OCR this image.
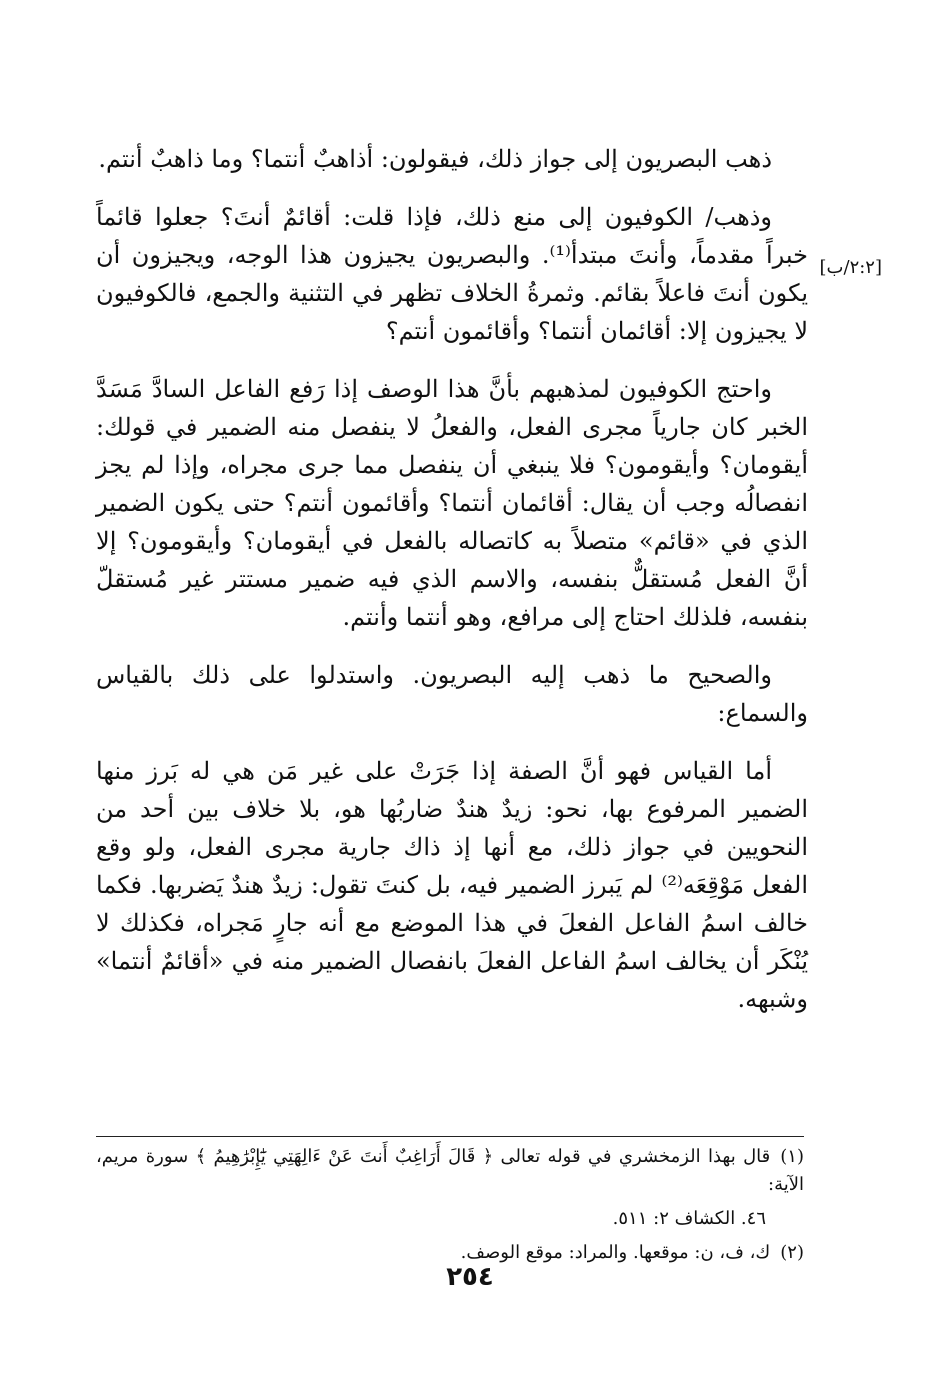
[٢:٢/ب]

ذهب البصريون إلى جواز ذلك، فيقولون: أذاهبٌ أنتما؟ وما ذاهبٌ أنتم.

وذهب/ الكوفيون إلى منع ذلك، فإذا قلت: أقائمٌ أنتَ؟ جعلوا قائماً خبراً مقدماً، وأنتَ مبتدأ⁽¹⁾. والبصريون يجيزون هذا الوجه، ويجيزون أن يكون أنتَ فاعلاً بقائم. وثمرةُ الخلاف تظهر في التثنية والجمع، فالكوفيون لا يجيزون إلا: أقائمان أنتما؟ وأقائمون أنتم؟

واحتج الكوفيون لمذهبهم بأنَّ هذا الوصف إذا رَفع الفاعل السادَّ مَسَدَّ الخبر كان جارياً مجرى الفعل، والفعلُ لا ينفصل منه الضمير في قولك: أيقومان؟ وأيقومون؟ فلا ينبغي أن ينفصل مما جرى مجراه، وإذا لم يجز انفصالُه وجب أن يقال: أقائمان أنتما؟ وأقائمون أنتم؟ حتى يكون الضمير الذي في «قائم» متصلاً به كاتصاله بالفعل في أيقومان؟ وأيقومون؟ إلا أنَّ الفعل مُستقلٌّ بنفسه، والاسم الذي فيه ضمير مستتر غير مُستقلّ بنفسه، فلذلك احتاج إلى مرافع، وهو أنتما وأنتم.

والصحيح ما ذهب إليه البصريون. واستدلوا على ذلك بالقياس والسماع:

أما القياس فهو أنَّ الصفة إذا جَرَتْ على غير مَن هي له بَرز منها الضمير المرفوع بها، نحو: زيدٌ هندٌ ضاربُها هو، بلا خلاف بين أحد من النحويين في جواز ذلك، مع أنها إذ ذاك جارية مجرى الفعل، ولو وقع الفعل مَوْقِعَه⁽²⁾ لم يَبرز الضمير فيه، بل كنتَ تقول: زيدٌ هندٌ يَضربها. فكما خالف اسمُ الفاعل الفعلَ في هذا الموضع مع أنه جارٍ مَجراه، فكذلك لا يُنْكَر أن يخالف اسمُ الفاعل الفعلَ بانفصال الضمير منه في «أقائمٌ أنتما» وشبهه.

(١)قال بهذا الزمخشري في قوله تعالى ﴿ قَالَ أَرَاغِبٌ أَنتَ عَنْ ءَالِهَتِي يَٰٓإِبْرَٰهِيمُ ﴾ سورة مريم، الآية:

٤٦. الكشاف ٢: ٥١١.

(٢)ك، ف، ن: موقعها. والمراد: موقع الوصف.

٢٥٤
